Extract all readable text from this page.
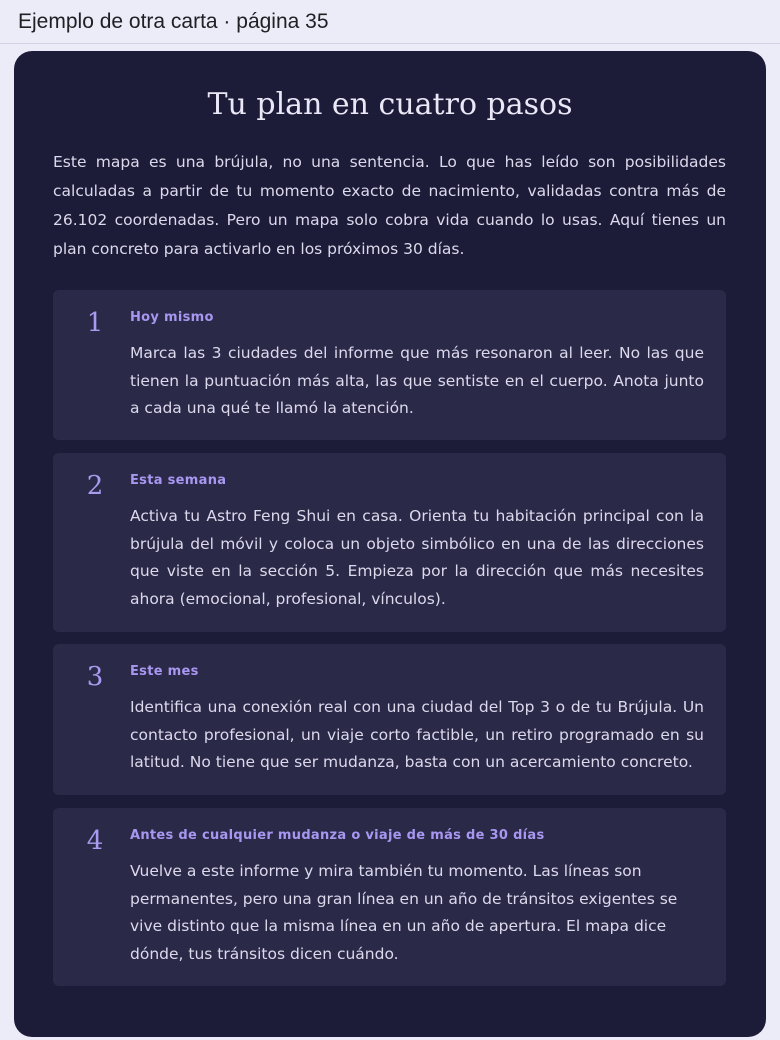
Ejemplo de otra carta · página 35
Tu plan en cuatro pasos
Este mapa es una brújula, no una sentencia. Lo que has leído son posibilidades calculadas a partir de tu momento exacto de nacimiento, validadas contra más de 26.102 coordenadas. Pero un mapa solo cobra vida cuando lo usas. Aquí tienes un plan concreto para activarlo en los próximos 30 días.
1	Hoy mismo
Marca las 3 ciudades del informe que más resonaron al leer. No las que tienen la puntuación más alta, las que sentiste en el cuerpo. Anota junto a cada una qué te llamó la atención.
2	Esta semana
Activa tu Astro Feng Shui en casa. Orienta tu habitación principal con la brújula del móvil y coloca un objeto simbólico en una de las direcciones que viste en la sección 5. Empieza por la dirección que más necesites ahora (emocional, profesional, vínculos).
3	Este mes
Identifica una conexión real con una ciudad del Top 3 o de tu Brújula. Un contacto profesional, un viaje corto factible, un retiro programado en su latitud. No tiene que ser mudanza, basta con un acercamiento concreto.
4	Antes de cualquier mudanza o viaje de más de 30 días
Vuelve a este informe y mira también tu momento. Las líneas son permanentes, pero una gran línea en un año de tránsitos exigentes se vive distinto que la misma línea en un año de apertura. El mapa dice dónde, tus tránsitos dicen cuándo.
